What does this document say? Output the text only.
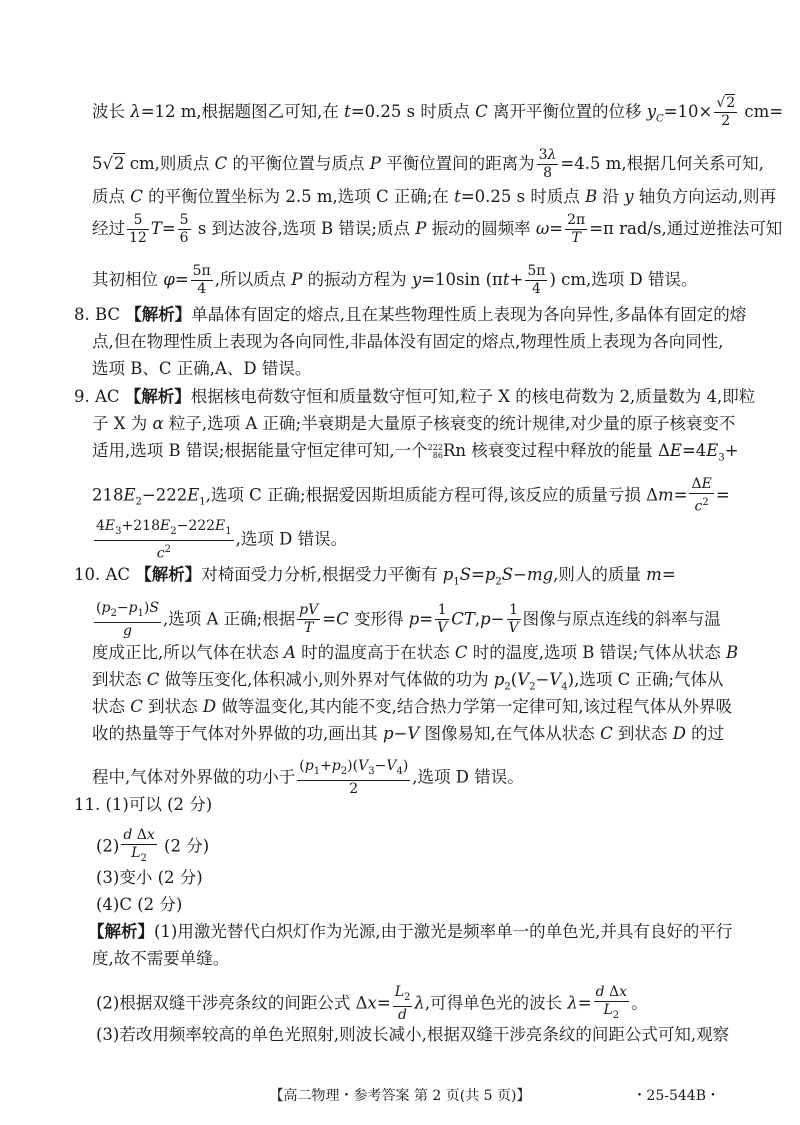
波长 λ=12 m,根据题图乙可知,在 t=0.25 s 时质点 C 离开平衡位置的位移 $y_C=10\times \frac{√2}{2} cm=$
5√2 cm,则质点 C 的平衡位置与质点 P 平衡位置间的距离为 $\frac{3\lambda}{8} =4.5$ m,根据几何关系可知,
质点 C 的平衡位置坐标为 2.5 m,选项 C 正确;在 t=0.25 s 时质点 B 沿 y 轴负方向运动,则再
经过 $\frac{5}{12} T= \frac{5}{6}$ s 到达波谷,选项 B 错误;质点 P 振动的圆频率 $\omega= \frac{2\pi}{T} =\pi$ rad/s,通过逆推法可知
其初相位 $\varphi= \frac{5\pi}{4}$ ,所以质点 P 的振动方程为 y=10sin ($\pi t+ \frac{5\pi}{4}$ ) cm,选项 D 错误。
8. BC 【解析】单晶体有固定的熔点,且在某些物理性质上表现为各向异性,多晶体有固定的熔
点,但在物理性质上表现为各向同性,非晶体没有固定的熔点,物理性质上表现为各向同性,
选项 B、C 正确,A、D 错误。
9. AC 【解析】根据核电荷数守恒和质量数守恒可知,粒子 X 的核电荷数为 2,质量数为 4,即粒
子 X 为 α 粒子,选项 A 正确;半衰期是大量原子核衰变的统计规律,对少量的原子核衰变不
适用,选项 B 错误;根据能量守恒定律可知,一个 222
86 Rn 核衰变过程中释放的能量 $\Delta E=4E_3+$
$218E_2-222E_1$,选项 C 正确;根据爱因斯坦质能方程可得,该反应的质量亏损 $\Delta m= \frac{\Delta E}{c^2}$ =
$\frac{4E_3+218E_2-222E_1}{c^2}$ ,选项 D 错误。
10. AC 【解析】对椅面受力分析,根据受力平衡有 $p_1S=p_2S-mg$,则人的质量 m=
$\frac{(p_2-p_1)S}{g}$ ,选项 A 正确;根据 $\frac{pV}{T} =C$ 变形得 $p= \frac{1}{V} CT,p- \frac{1}{V}$ 图像与原点连线的斜率与温
度成正比,所以气体在状态 A 时的温度高于在状态 C 时的温度,选项 B 错误;气体从状态 B
到状态 C 做等压变化,体积减小,则外界对气体做的功为 $p_2(V_2-V_4)$,选项 C 正确;气体从
状态 C 到状态 D 做等温变化,其内能不变,结合热力学第一定律可知,该过程气体从外界吸
收的热量等于气体对外界做的功,画出其 p−V 图像易知,在气体从状态 C 到状态 D 的过
程中,气体对外界做的功小于 $\frac{(p_1+p_2)(V_3-V_4)}{2}$ ,选项 D 错误。
11. (1)可以 (2 分)
$(2) \frac{\text{d Δx}}{L_2} (2$ 分)
(3)变小 (2 分)
(4)C (2 分)
【解析】(1)用激光替代白炽灯作为光源,由于激光是频率单一的单色光,并具有良好的平行
度,故不需要单缝。
(2)根据双缝干涉亮条纹的间距公式 $\Delta x= \frac{L_2}{d} \lambda$,可得单色光的波长 $\lambda= \frac{\text{d Δx}}{L_2}$ 。
(3)若改用频率较高的单色光照射,则波长减小,根据双缝干涉亮条纹的间距公式可知,观察
【高二物理・参考答案 第 2 页(共 5 页)】	・25-544B・
